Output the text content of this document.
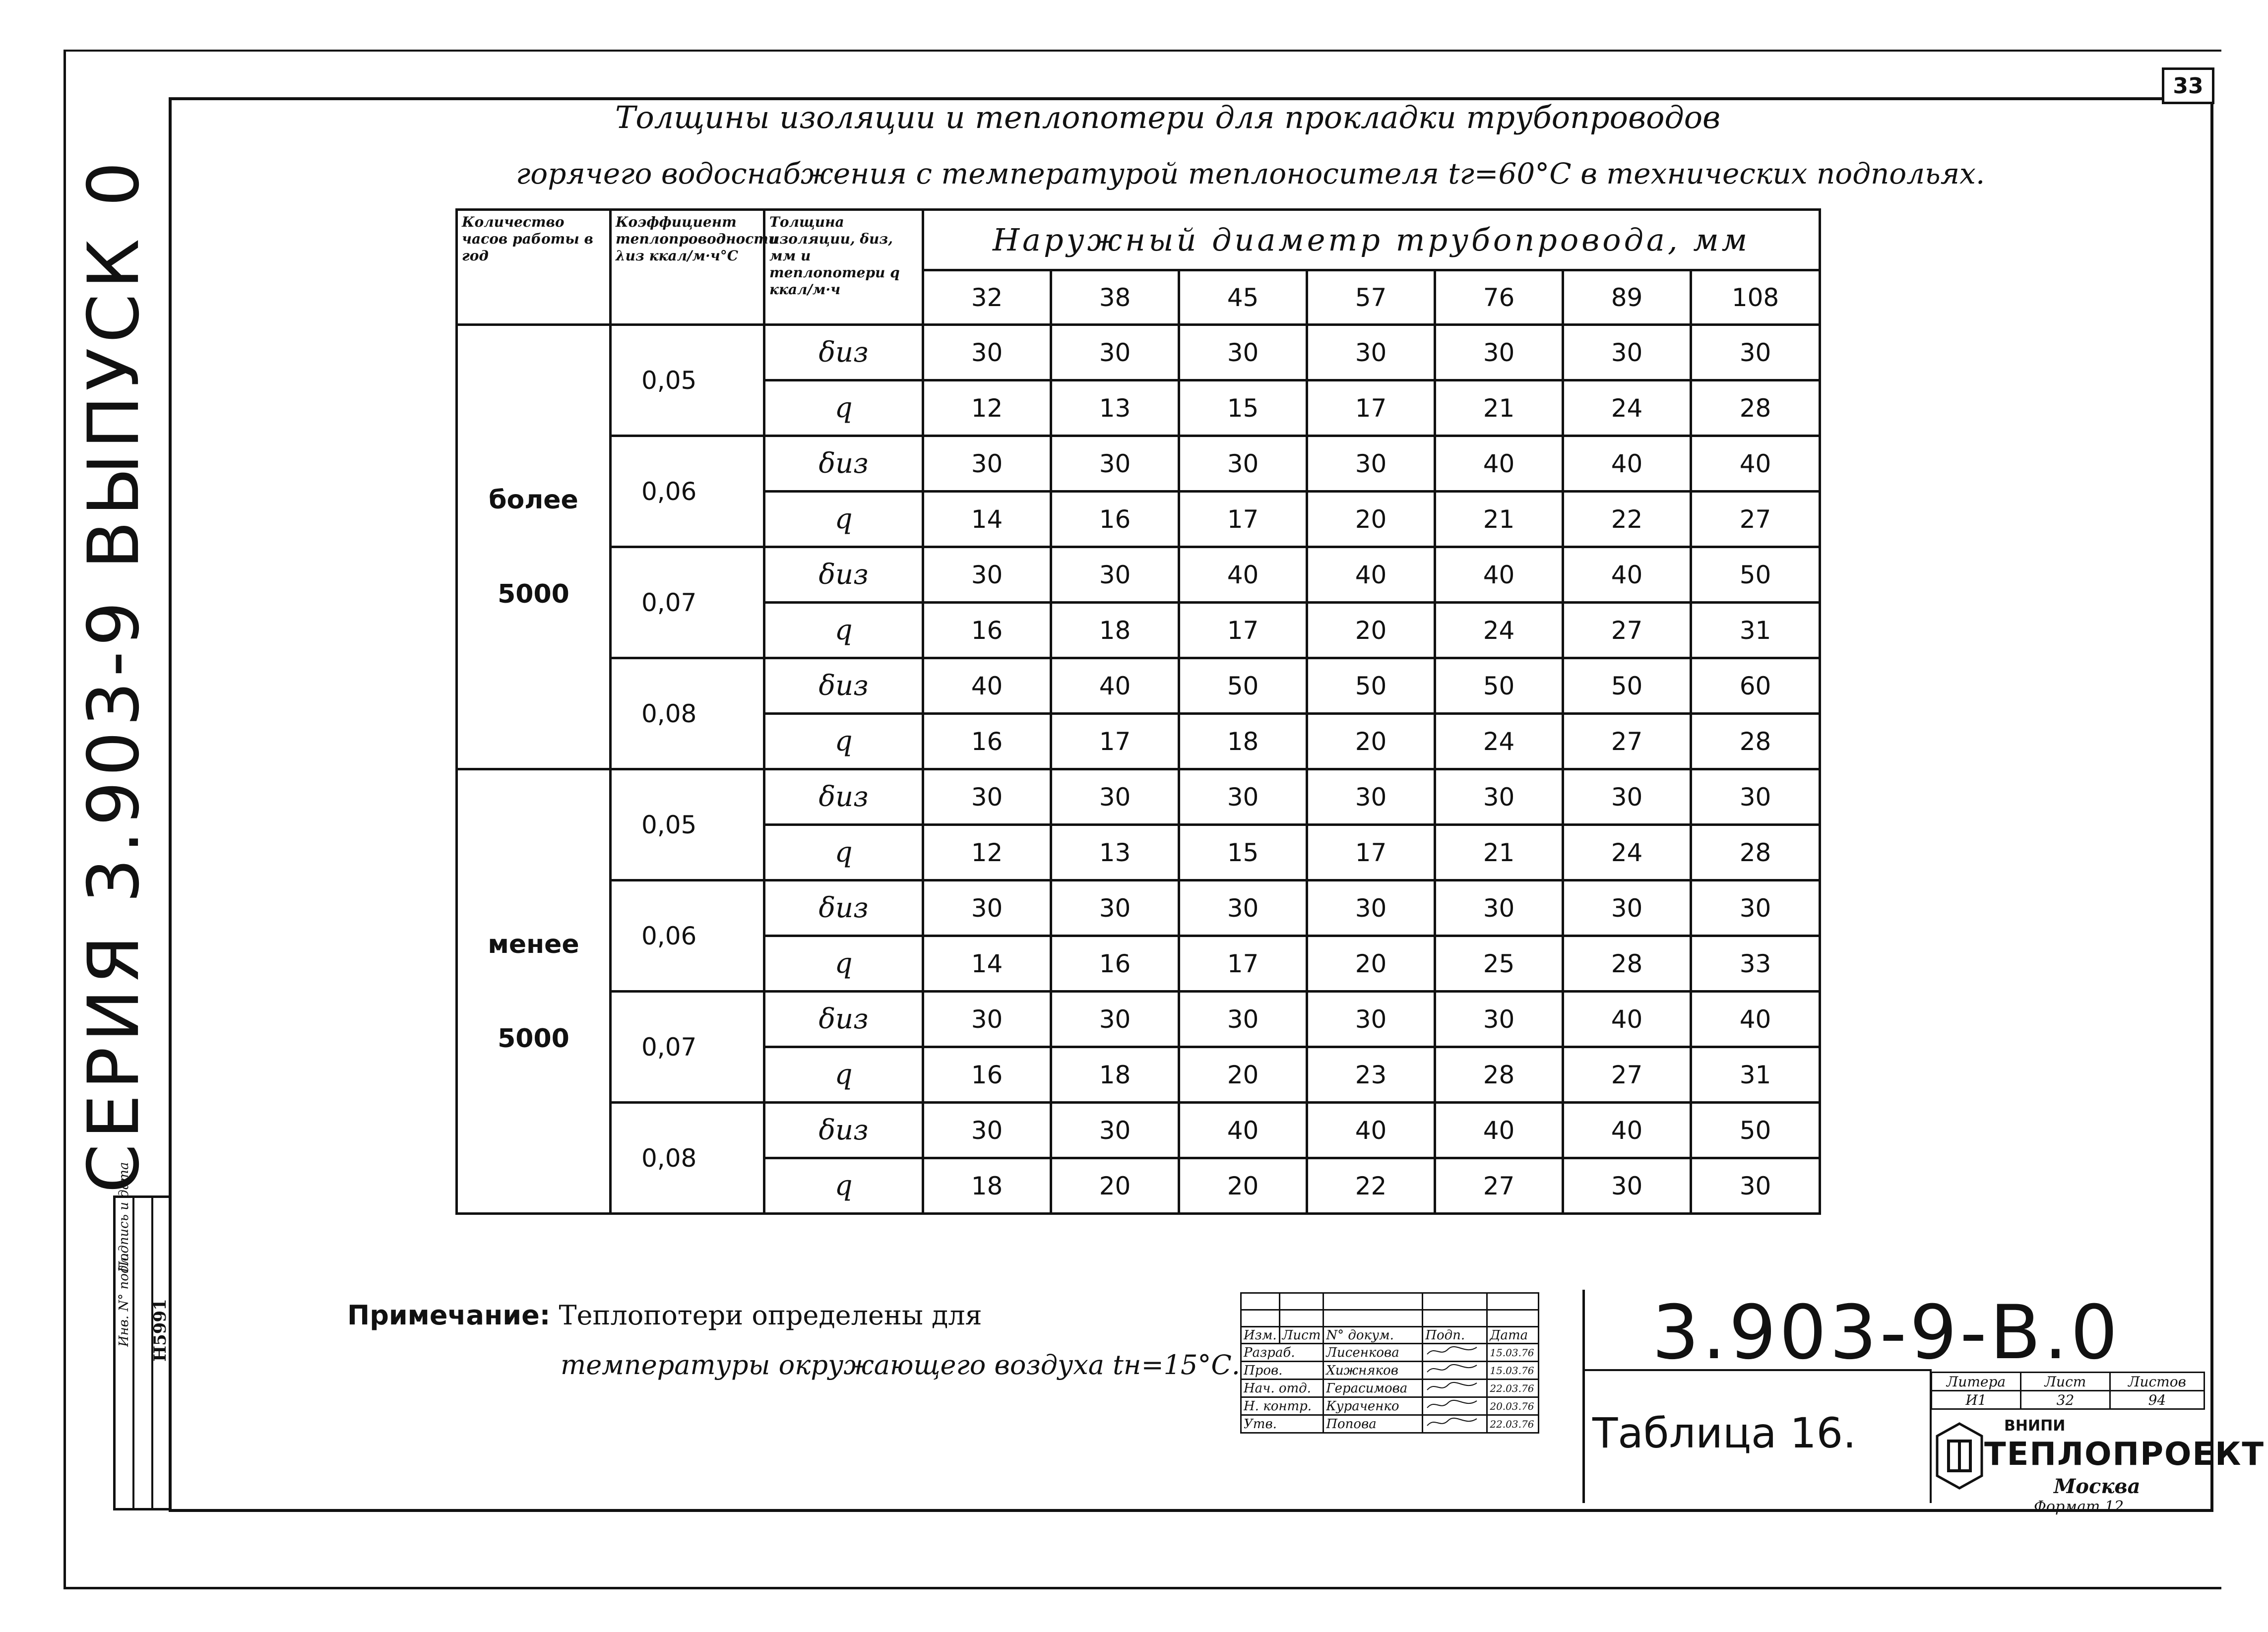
33
СЕРИЯ 3.903-9 ВЫПУСК 0
Инв. N° подл.
Подпись и дата
Н5991
Толщины изоляции и теплопотери для прокладки трубопроводов
горячего водоснабжения с температурой теплоносителя tг=60°С в технических подпольях.
Количество часов работы в год	Коэффициент теплопроводности λиз ккал/м·ч°С	Толщина изоляции, δиз, мм и теплопотери q ккал/м·ч	Наружный диаметр трубопровода, мм						
			32	38	45	57	76	89	108

более
5000	0,05	δиз	30	30	30	30	30	30	30
		q	12	13	15	17	21	24	28
	0,06	δиз	30	30	30	30	40	40	40
		q	14	16	17	20	21	22	27
	0,07	δиз	30	30	40	40	40	40	50
		q	16	18	17	20	24	27	31
	0,08	δиз	40	40	50	50	50	50	60
		q	16	17	18	20	24	27	28

менее
5000	0,05	δиз	30	30	30	30	30	30	30
		q	12	13	15	17	21	24	28
	0,06	δиз	30	30	30	30	30	30	30
		q	14	16	17	20	25	28	33
	0,07	δиз	30	30	30	30	30	40	40
		q	16	18	20	23	28	27	31
	0,08	δиз	30	30	40	40	40	40	50
		q	18	20	20	22	27	30	30
Примечание: Теплопотери определены для
температуры окружающего воздуха tн=15°С.

Изм.	Лист	N° докум.	Подп.	Дата
Разраб.		Лисенкова		15.03.76
Пров.		Хижняков		15.03.76
Нач. отд.		Герасимова		22.03.76
Н. контр.		Кураченко		20.03.76
Утв.		Попова		22.03.76
3.903-9-В.0
Таблица 16.
Литера	Лист	Листов
И1	32	94
ВНИПИ
ТЕПЛОПРОЕКТ
Москва
Формат 12
